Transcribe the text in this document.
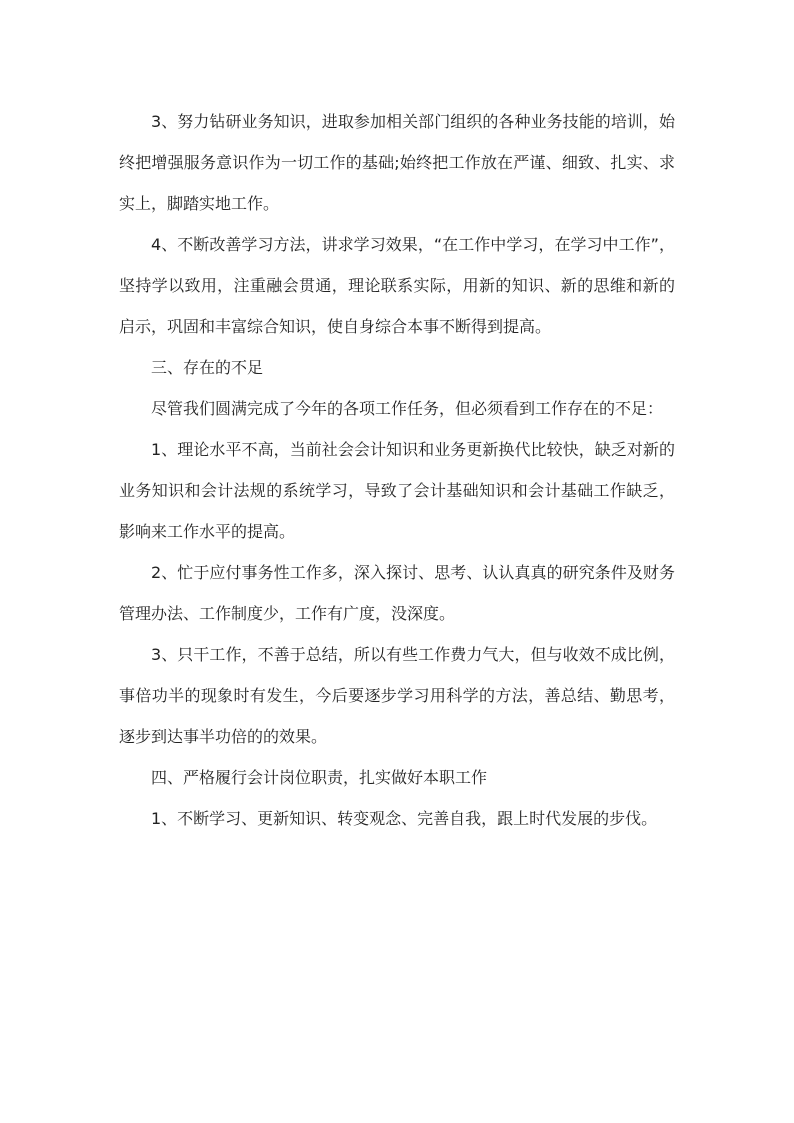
3、努力钻研业务知识，进取参加相关部门组织的各种业务技能的培训，始终把增强服务意识作为一切工作的基础;始终把工作放在严谨、细致、扎实、求实上，脚踏实地工作。

4、不断改善学习方法，讲求学习效果，“在工作中学习，在学习中工作”，坚持学以致用，注重融会贯通，理论联系实际，用新的知识、新的思维和新的启示，巩固和丰富综合知识，使自身综合本事不断得到提高。

三、存在的不足

尽管我们圆满完成了今年的各项工作任务，但必须看到工作存在的不足：

1、理论水平不高，当前社会会计知识和业务更新换代比较快，缺乏对新的业务知识和会计法规的系统学习，导致了会计基础知识和会计基础工作缺乏，影响来工作水平的提高。

2、忙于应付事务性工作多，深入探讨、思考、认认真真的研究条件及财务管理办法、工作制度少，工作有广度，没深度。

3、只干工作，不善于总结，所以有些工作费力气大，但与收效不成比例，事倍功半的现象时有发生，今后要逐步学习用科学的方法，善总结、勤思考，逐步到达事半功倍的的效果。

四、严格履行会计岗位职责，扎实做好本职工作

1、不断学习、更新知识、转变观念、完善自我，跟上时代发展的步伐。
